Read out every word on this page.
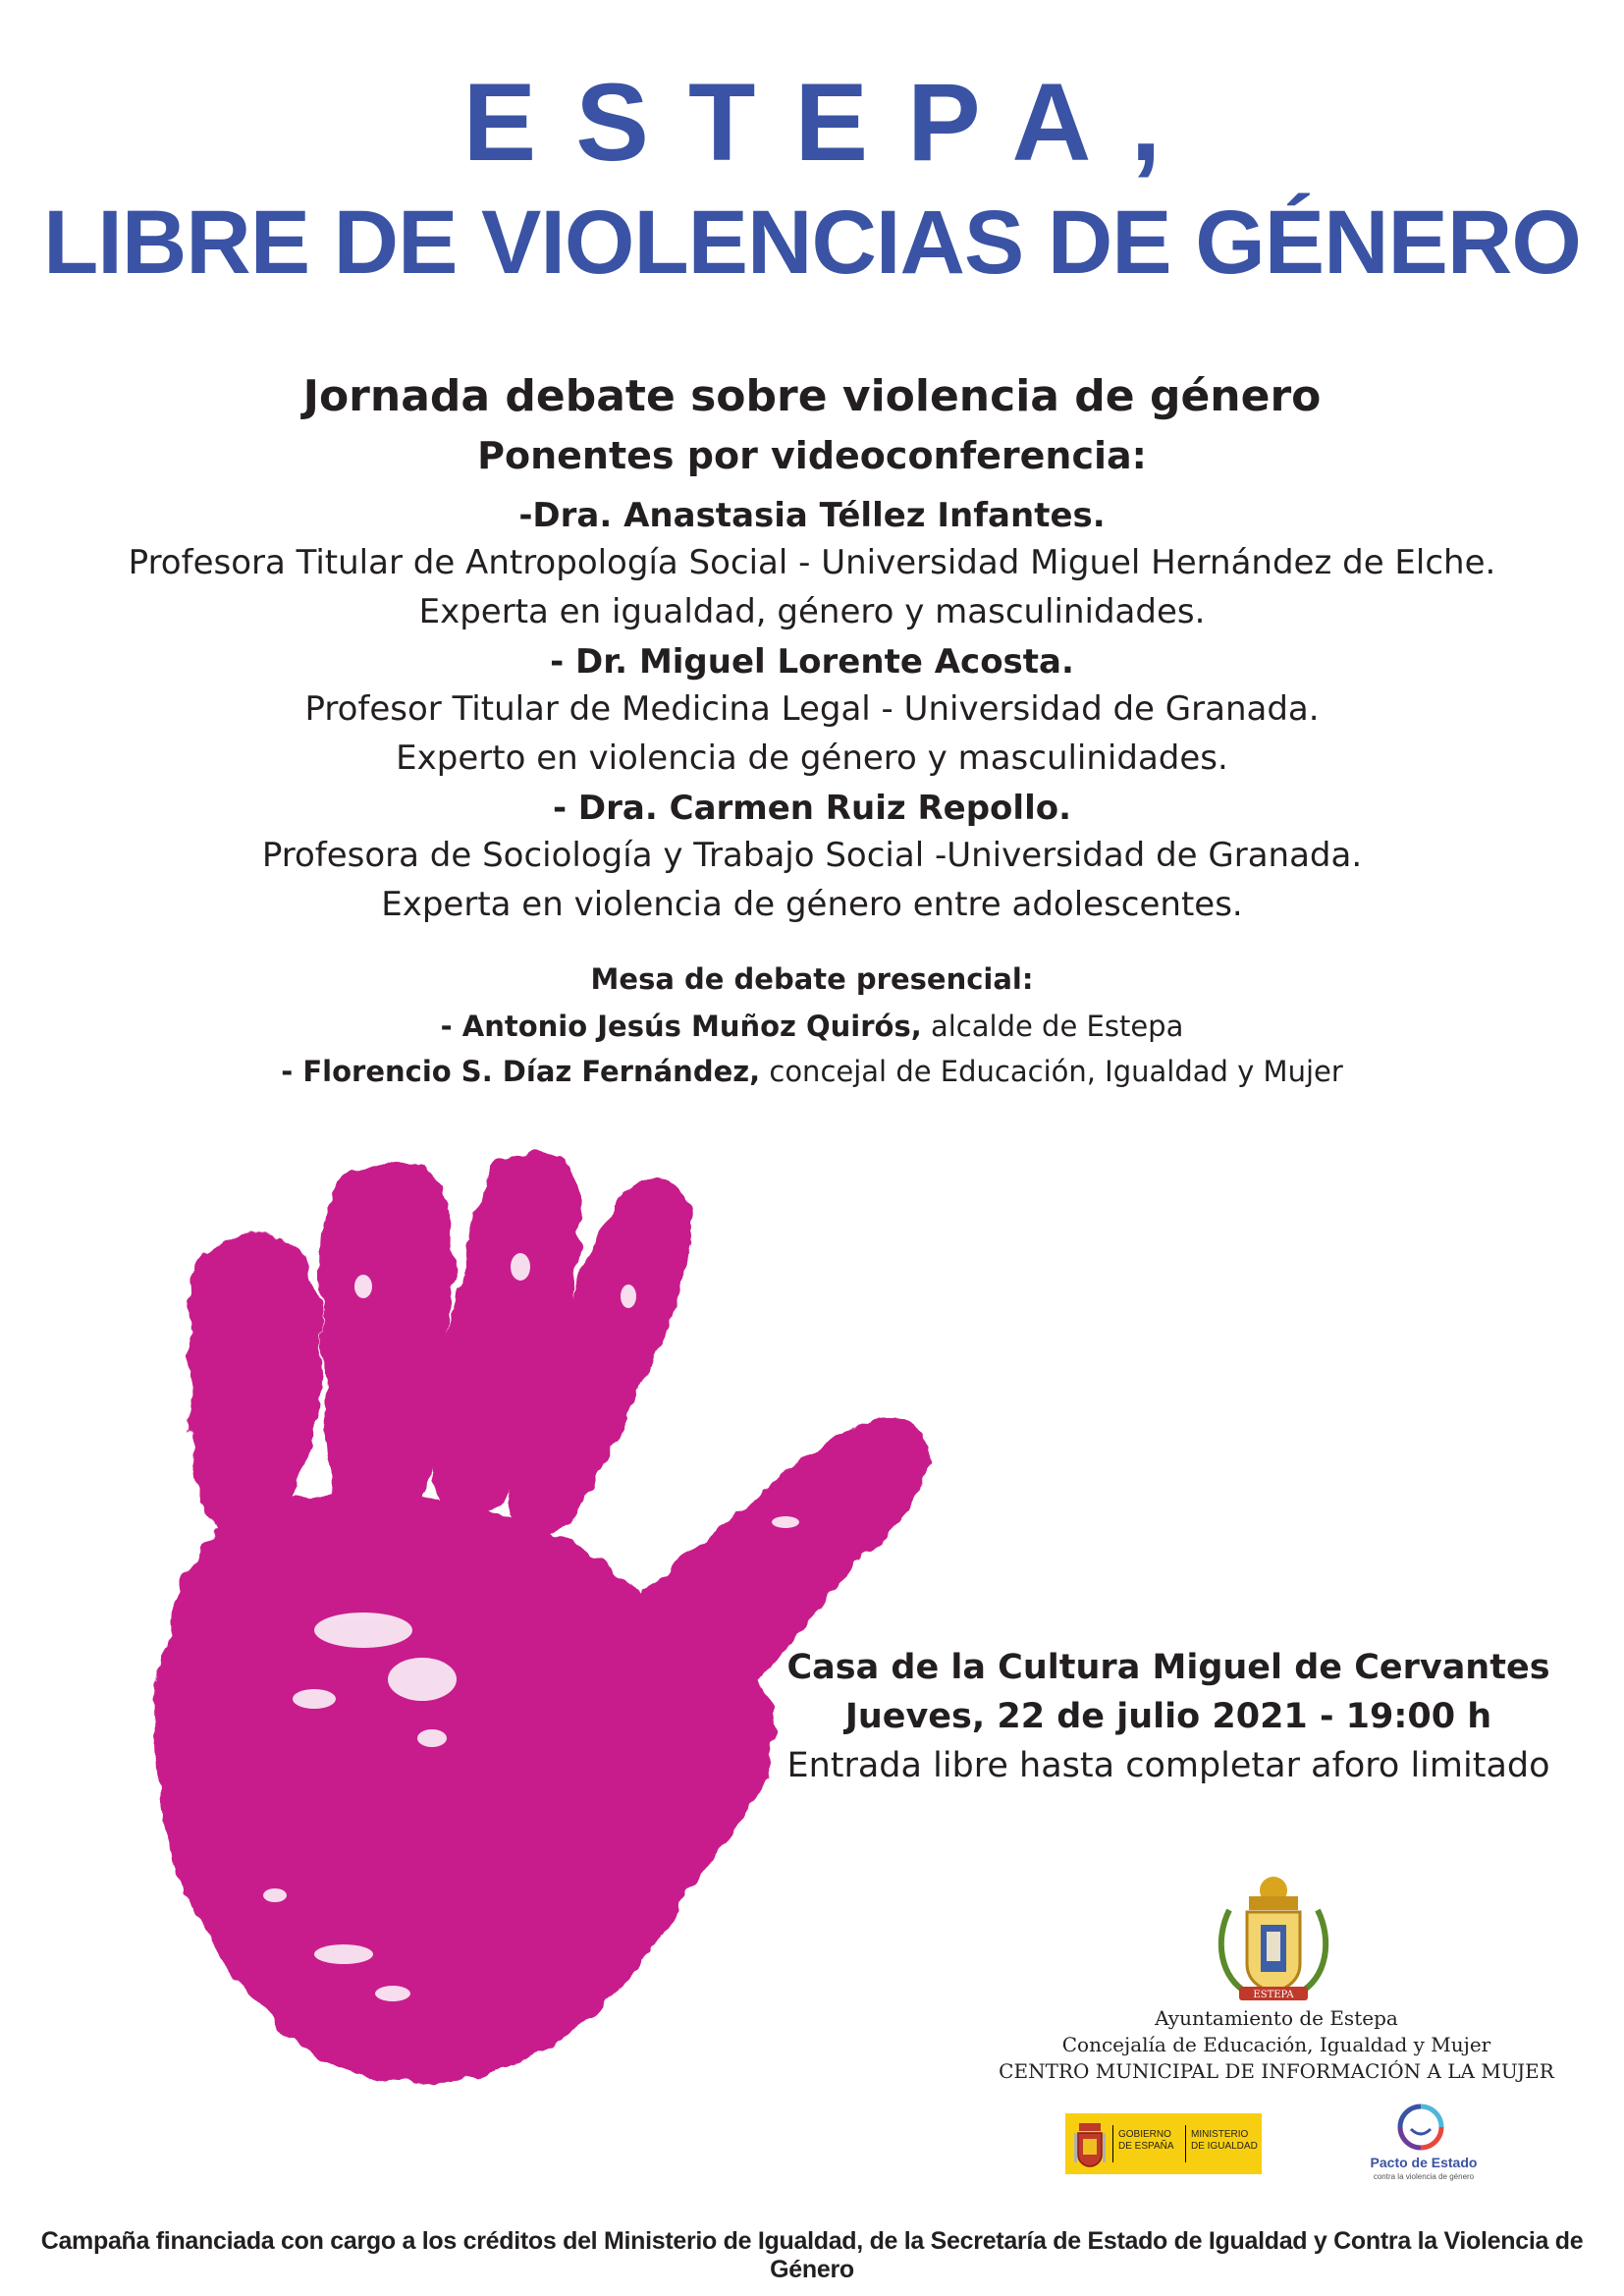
ESTEPA,
LIBRE DE VIOLENCIAS DE GÉNERO
Jornada debate sobre violencia de género
Ponentes por videoconferencia:
-Dra. Anastasia Téllez Infantes.
Profesora Titular de Antropología Social - Universidad Miguel Hernández de Elche.
Experta en igualdad, género y masculinidades.
- Dr. Miguel Lorente Acosta.
Profesor Titular de Medicina Legal - Universidad de Granada.
Experto en violencia de género y masculinidades.
- Dra. Carmen Ruiz Repollo.
Profesora de Sociología y Trabajo Social -Universidad de Granada.
Experta en violencia de género entre adolescentes.
Mesa de debate presencial:
- Antonio Jesús Muñoz Quirós, alcalde de Estepa
- Florencio S. Díaz Fernández, concejal de Educación, Igualdad y Mujer
Casa de la Cultura Miguel de Cervantes
Jueves, 22 de julio 2021 - 19:00 h
Entrada libre hasta completar aforo limitado
ESTEPA
Ayuntamiento de Estepa
Concejalía de Educación, Igualdad y Mujer
CENTRO MUNICIPAL DE INFORMACIÓN A LA MUJER
GOBIERNO DE ESPAÑA
MINISTERIO DE IGUALDAD
Pacto de Estado
contra la violencia de género
Campaña financiada con cargo a los créditos del Ministerio de Igualdad, de la Secretaría de Estado de Igualdad y Contra la Violencia de Género
